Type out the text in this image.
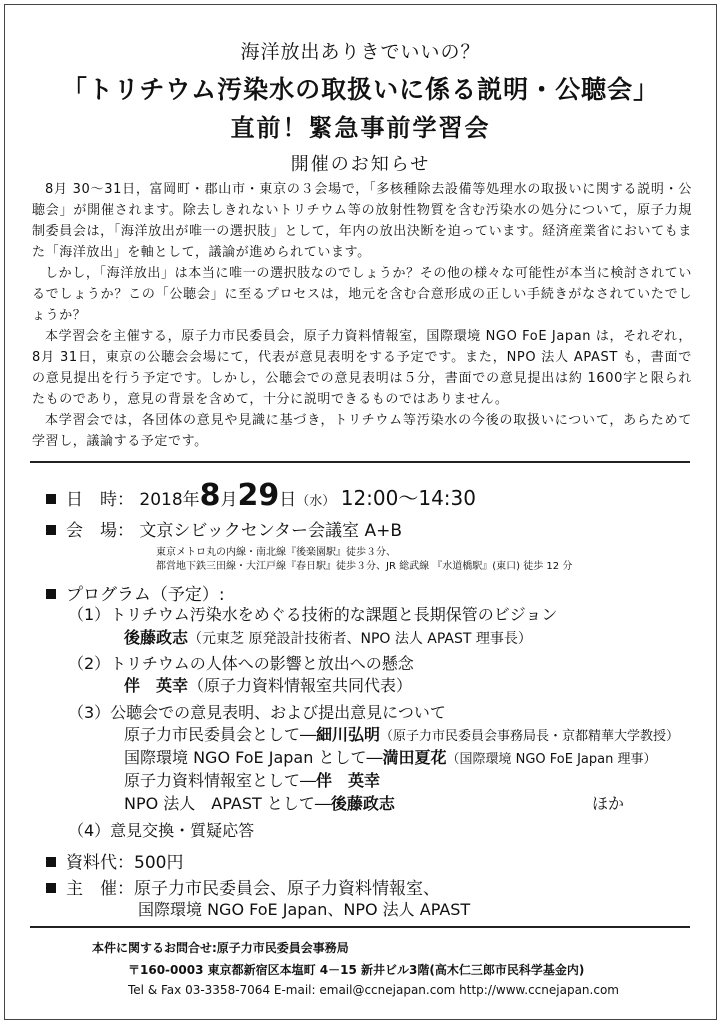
海洋放出ありきでいいの？
「トリチウム汚染水の取扱いに係る説明・公聴会」
直前！緊急事前学習会
開催のお知らせ

8月 30～31日，富岡町・郡山市・東京の３会場で，「多核種除去設備等処理水の取扱いに関する説明・公聴会」が開催されます。除去しきれないトリチウム等の放射性物質を含む汚染水の処分について，原子力規制委員会は，「海洋放出が唯一の選択肢」として，年内の放出決断を迫っています。経済産業省においてもまた「海洋放出」を軸として，議論が進められています。

しかし，「海洋放出」は本当に唯一の選択肢なのでしょうか？その他の様々な可能性が本当に検討されているでしょうか？この「公聴会」に至るプロセスは，地元を含む合意形成の正しい手続きがなされていたでしょうか？

本学習会を主催する，原子力市民委員会，原子力資料情報室，国際環境 NGO FoE Japan は，それぞれ，8月 31日，東京の公聴会会場にて，代表が意見表明をする予定です。また，NPO 法人 APAST も，書面での意見提出を行う予定です。しかし，公聴会での意見表明は５分，書面での意見提出は約 1600字と限られたものであり，意見の背景を含めて，十分に説明できるものではありません。

本学習会では，各団体の意見や見識に基づき，トリチウム等汚染水の今後の取扱いについて，あらためて学習し，議論する予定です。

日　時： 2018年8月29日（水） 12:00～14:30
会　場： 文京シビックセンター会議室 A+B
東京メトロ丸の内線・南北線『後楽園駅』徒歩３分、
都営地下鉄三田線・大江戸線『春日駅』徒歩３分、JR 総武線 『水道橋駅』(東口) 徒歩 12 分
プログラム（予定）:
（1）トリチウム汚染水をめぐる技術的な課題と長期保管のビジョン
後藤政志（元東芝 原発設計技術者、NPO 法人 APAST 理事長）
（2）トリチウムの人体への影響と放出への懸念
伴　英幸（原子力資料情報室共同代表）
（3）公聴会での意見表明、および提出意見について
原子力市民委員会として―細川弘明（原子力市民委員会事務局長・京都精華大学教授）
国際環境 NGO FoE Japan として―満田夏花（国際環境 NGO FoE Japan 理事）
原子力資料情報室として―伴　英幸
NPO 法人　APAST として―後藤政志	ほか
（4）意見交換・質疑応答
資料代：500円
主　催：原子力市民委員会、原子力資料情報室、
国際環境 NGO FoE Japan、NPO 法人 APAST
本件に関するお問合せ:原子力市民委員会事務局
〒160-0003 東京都新宿区本塩町 4－15 新井ビル3階(高木仁三郎市民科学基金内)
Tel & Fax 03-3358-7064 E-mail: email@ccnejapan.com http://www.ccnejapan.com
